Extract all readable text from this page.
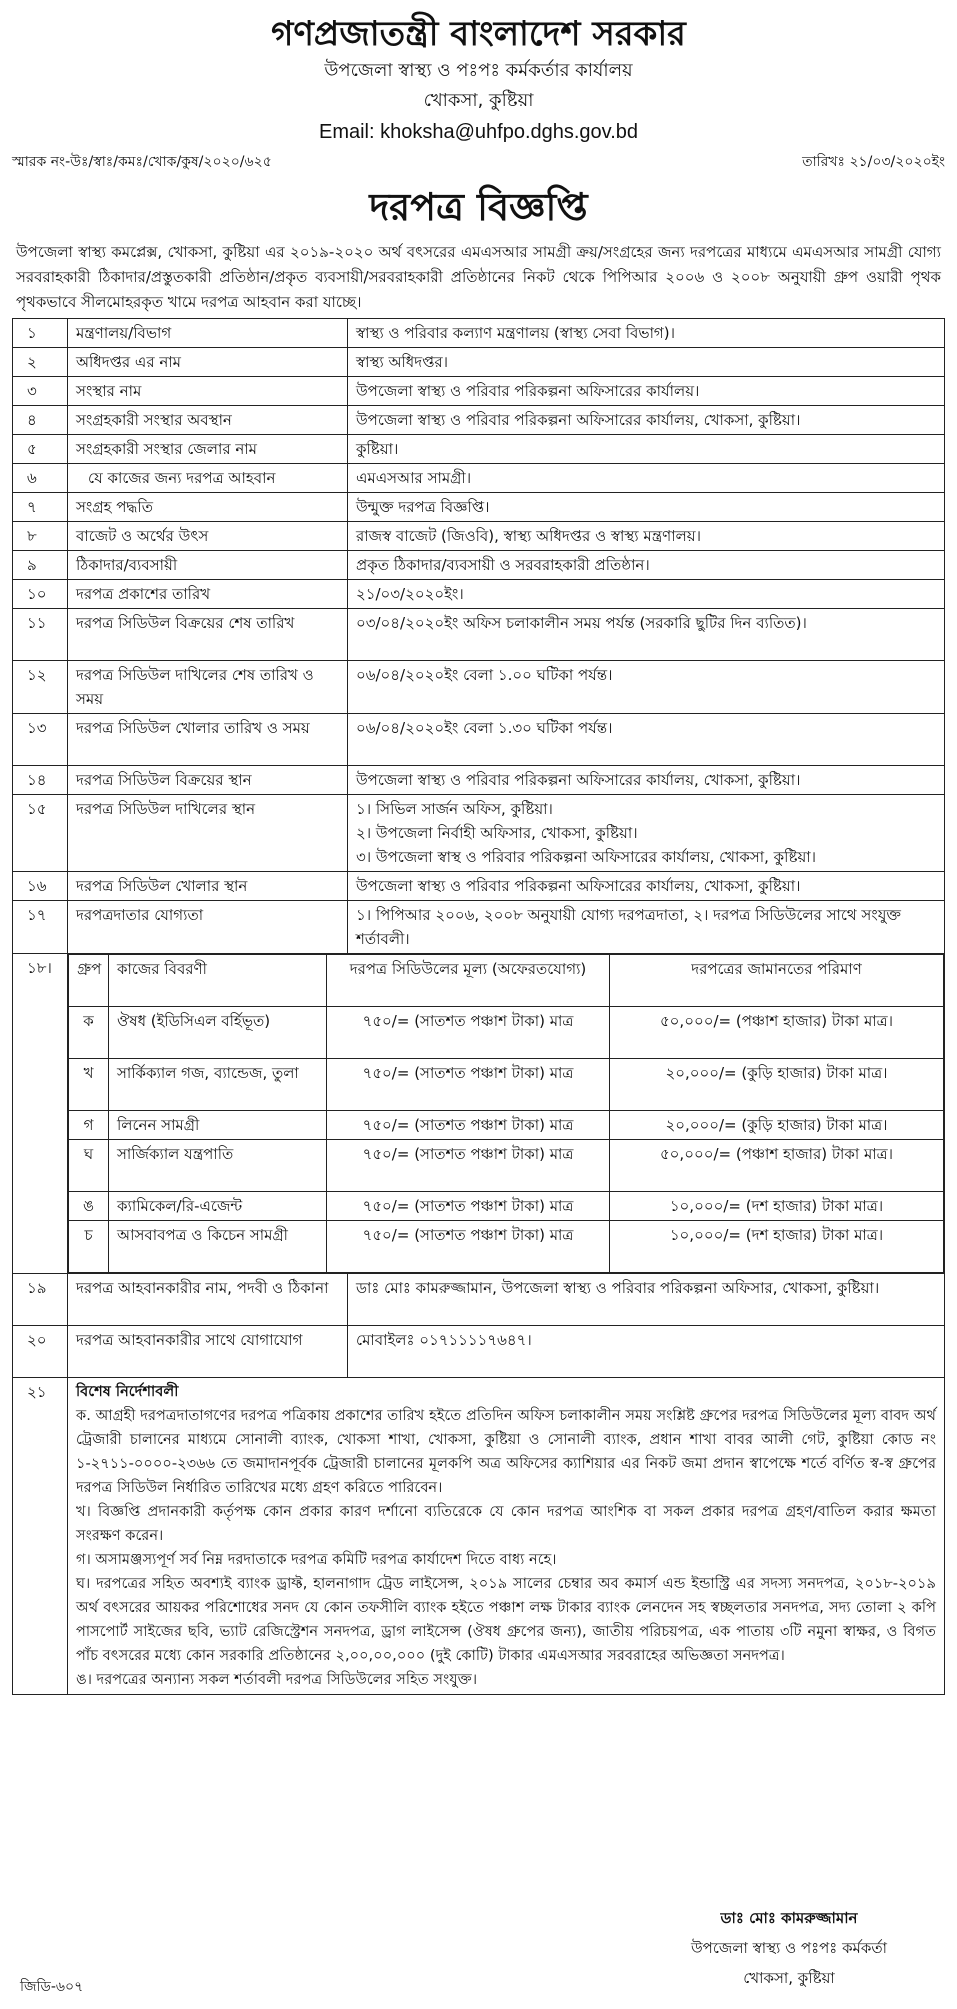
গণপ্রজাতন্ত্রী বাংলাদেশ সরকার
উপজেলা স্বাস্থ্য ও পঃপঃ কর্মকর্তার কার্যালয়
খোকসা, কুষ্টিয়া
Email: khoksha@uhfpo.dghs.gov.bd
স্মারক নং-উঃ/স্বাঃ/কমঃ/খোক/কুষ/২০২০/৬২৫	তারিখঃ ২১/০৩/২০২০ইং
দরপত্র বিজ্ঞপ্তি
উপজেলা স্বাস্থ্য কমপ্লেক্স, খোকসা, কুষ্টিয়া এর ২০১৯-২০২০ অর্থ বৎসরের এমএসআর সামগ্রী ক্রয়/সংগ্রহের জন্য দরপত্রের মাধ্যমে এমএসআর সামগ্রী যোগ্য সরবরাহকারী ঠিকাদার/প্রস্তুতকারী প্রতিষ্ঠান/প্রকৃত ব্যবসায়ী/সরবরাহকারী প্রতিষ্ঠানের নিকট থেকে পিপিআর ২০০৬ ও ২০০৮ অনুযায়ী গ্রুপ ওয়ারী পৃথক পৃথকভাবে সীলমোহরকৃত খামে দরপত্র আহবান করা যাচ্ছে।
১	মন্ত্রণালয়/বিভাগ	স্বাস্থ্য ও পরিবার কল্যাণ মন্ত্রণালয় (স্বাস্থ্য সেবা বিভাগ)।
২	অধিদপ্তর এর নাম	স্বাস্থ্য অধিদপ্তর।
৩	সংস্থার নাম	উপজেলা স্বাস্থ্য ও পরিবার পরিকল্পনা অফিসারের কার্যালয়।
৪	সংগ্রহকারী সংস্থার অবস্থান	উপজেলা স্বাস্থ্য ও পরিবার পরিকল্পনা অফিসারের কার্যালয়, খোকসা, কুষ্টিয়া।
৫	সংগ্রহকারী সংস্থার জেলার নাম	কুষ্টিয়া।
৬	যে কাজের জন্য দরপত্র আহবান	এমএসআর সামগ্রী।
৭	সংগ্রহ পদ্ধতি	উন্মুক্ত দরপত্র বিজ্ঞপ্তি।
৮	বাজেট ও অর্থের উৎস	রাজস্ব বাজেট (জিওবি), স্বাস্থ্য অধিদপ্তর ও স্বাস্থ্য মন্ত্রণালয়।
৯	ঠিকাদার/ব্যবসায়ী	প্রকৃত ঠিকাদার/ব্যবসায়ী ও সরবরাহকারী প্রতিষ্ঠান।
১০	দরপত্র প্রকাশের তারিখ	২১/০৩/২০২০ইং।
১১	দরপত্র সিডিউল বিক্রয়ের শেষ তারিখ	০৩/০৪/২০২০ইং অফিস চলাকালীন সময় পর্যন্ত (সরকারি ছুটির দিন ব্যতিত)।
১২	দরপত্র সিডিউল দাখিলের শেষ তারিখ ও সময়	০৬/০৪/২০২০ইং বেলা ১.০০ ঘটিকা পর্যন্ত।
১৩	দরপত্র সিডিউল খোলার তারিখ ও সময়	০৬/০৪/২০২০ইং বেলা ১.৩০ ঘটিকা পর্যন্ত।
১৪	দরপত্র সিডিউল বিক্রয়ের স্থান	উপজেলা স্বাস্থ্য ও পরিবার পরিকল্পনা অফিসারের কার্যালয়, খোকসা, কুষ্টিয়া।
১৫	দরপত্র সিডিউল দাখিলের স্থান	১। সিভিল সার্জন অফিস, কুষ্টিয়া।
২। উপজেলা নির্বাহী অফিসার, খোকসা, কুষ্টিয়া।
৩। উপজেলা স্বাস্থ ও পরিবার পরিকল্পনা অফিসারের কার্যালয়, খোকসা, কুষ্টিয়া।

১৬	দরপত্র সিডিউল খোলার স্থান	উপজেলা স্বাস্থ্য ও পরিবার পরিকল্পনা অফিসারের কার্যালয়, খোকসা, কুষ্টিয়া।
১৭	দরপত্রদাতার যোগ্যতা	১। পিপিআর ২০০৬, ২০০৮ অনুযায়ী যোগ্য দরপত্রদাতা, ২। দরপত্র সিডিউলের সাথে সংযুক্ত শর্তাবলী।
১৮।	গ্রুপ	কাজের বিবরণী	দরপত্র সিডিউলের মূল্য (অফেরতযোগ্য)	দরপত্রের জামানতের পরিমাণ
ক	ঔষধ (ইডিসিএল বর্হিভূত)	৭৫০/= (সাতশত পঞ্চাশ টাকা) মাত্র	৫০,০০০/= (পঞ্চাশ হাজার) টাকা মাত্র।
খ	সার্কিক্যাল গজ, ব্যান্ডেজ, তুলা	৭৫০/= (সাতশত পঞ্চাশ টাকা) মাত্র	২০,০০০/= (কুড়ি হাজার) টাকা মাত্র।
গ	লিনেন সামগ্রী	৭৫০/= (সাতশত পঞ্চাশ টাকা) মাত্র	২০,০০০/= (কুড়ি হাজার) টাকা মাত্র।
ঘ	সার্জিক্যাল যন্ত্রপাতি	৭৫০/= (সাতশত পঞ্চাশ টাকা) মাত্র	৫০,০০০/= (পঞ্চাশ হাজার) টাকা মাত্র।
ঙ	ক্যামিকেল/রি-এজেন্ট	৭৫০/= (সাতশত পঞ্চাশ টাকা) মাত্র	১০,০০০/= (দশ হাজার) টাকা মাত্র।
চ	আসবাবপত্র ও কিচেন সামগ্রী	৭৫০/= (সাতশত পঞ্চাশ টাকা) মাত্র	১০,০০০/= (দশ হাজার) টাকা মাত্র।

১৯	দরপত্র আহবানকারীর নাম, পদবী ও ঠিকানা	ডাঃ মোঃ কামরুজ্জামান, উপজেলা স্বাস্থ্য ও পরিবার পরিকল্পনা অফিসার, খোকসা, কুষ্টিয়া।
২০	দরপত্র আহবানকারীর সাথে যোগাযোগ	মোবাইলঃ ০১৭১১১১৭৬৪৭।
২১	বিশেষ নির্দেশাবলী

ক. আগ্রহী দরপত্রদাতাগণের দরপত্র পত্রিকায় প্রকাশের তারিখ হইতে প্রতিদিন অফিস চলাকালীন সময় সংশ্লিষ্ট গ্রুপের দরপত্র সিডিউলের মূল্য বাবদ অর্থ ট্রেজারী চালানের মাধ্যমে সোনালী ব্যাংক, খোকসা শাখা, খোকসা, কুষ্টিয়া ও সোনালী ব্যাংক, প্রধান শাখা বাবর আলী গেট, কুষ্টিয়া কোড নং ১-২৭১১-০০০০-২৩৬৬ তে জমাদানপূর্বক ট্রেজারী চালানের মূলকপি অত্র অফিসের ক্যাশিয়ার এর নিকট জমা প্রদান স্বাপেক্ষে শর্তে বর্ণিত স্ব-স্ব গ্রুপের দরপত্র সিডিউল নির্ধারিত তারিখের মধ্যে গ্রহণ করিতে পারিবেন।

খ। বিজ্ঞপ্তি প্রদানকারী কর্তৃপক্ষ কোন প্রকার কারণ দর্শানো ব্যতিরেকে যে কোন দরপত্র আংশিক বা সকল প্রকার দরপত্র গ্রহণ/বাতিল করার ক্ষমতা সংরক্ষণ করেন।

গ। অসামঞ্জস্যপূর্ণ সর্ব নিম্ন দরদাতাকে দরপত্র কমিটি দরপত্র কার্যাদেশ দিতে বাধ্য নহে।

ঘ। দরপত্রের সহিত অবশ্যই ব্যাংক ড্রাফ্ট, হালনাগাদ ট্রেড লাইসেন্স, ২০১৯ সালের চেম্বার অব কমার্স এন্ড ইন্ডাস্ট্রি এর সদস্য সনদপত্র, ২০১৮-২০১৯ অর্থ বৎসরের আয়কর পরিশোধের সনদ যে কোন তফসীলি ব্যাংক হইতে পঞ্চাশ লক্ষ টাকার ব্যাংক লেনদেন সহ স্বচ্ছলতার সনদপত্র, সদ্য তোলা ২ কপি পাসপোর্ট সাইজের ছবি, ভ্যাট রেজিস্ট্রেশন সনদপত্র, ড্রাগ লাইসেন্স (ঔষধ গ্রুপের জন্য), জাতীয় পরিচয়পত্র, এক পাতায় ৩টি নমুনা স্বাক্ষর, ও বিগত পাঁচ বৎসরের মধ্যে কোন সরকারি প্রতিষ্ঠানের ২,০০,০০,০০০ (দুই কোটি) টাকার এমএসআর সরবরাহের অভিজ্ঞতা সনদপত্র।

ঙ। দরপত্রের অন্যান্য সকল শর্তাবলী দরপত্র সিডিউলের সহিত সংযুক্ত।

ডাঃ মোঃ কামরুজ্জামান
উপজেলা স্বাস্থ্য ও পঃপঃ কর্মকর্তা
খোকসা, কুষ্টিয়া
জিডি-৬০৭
